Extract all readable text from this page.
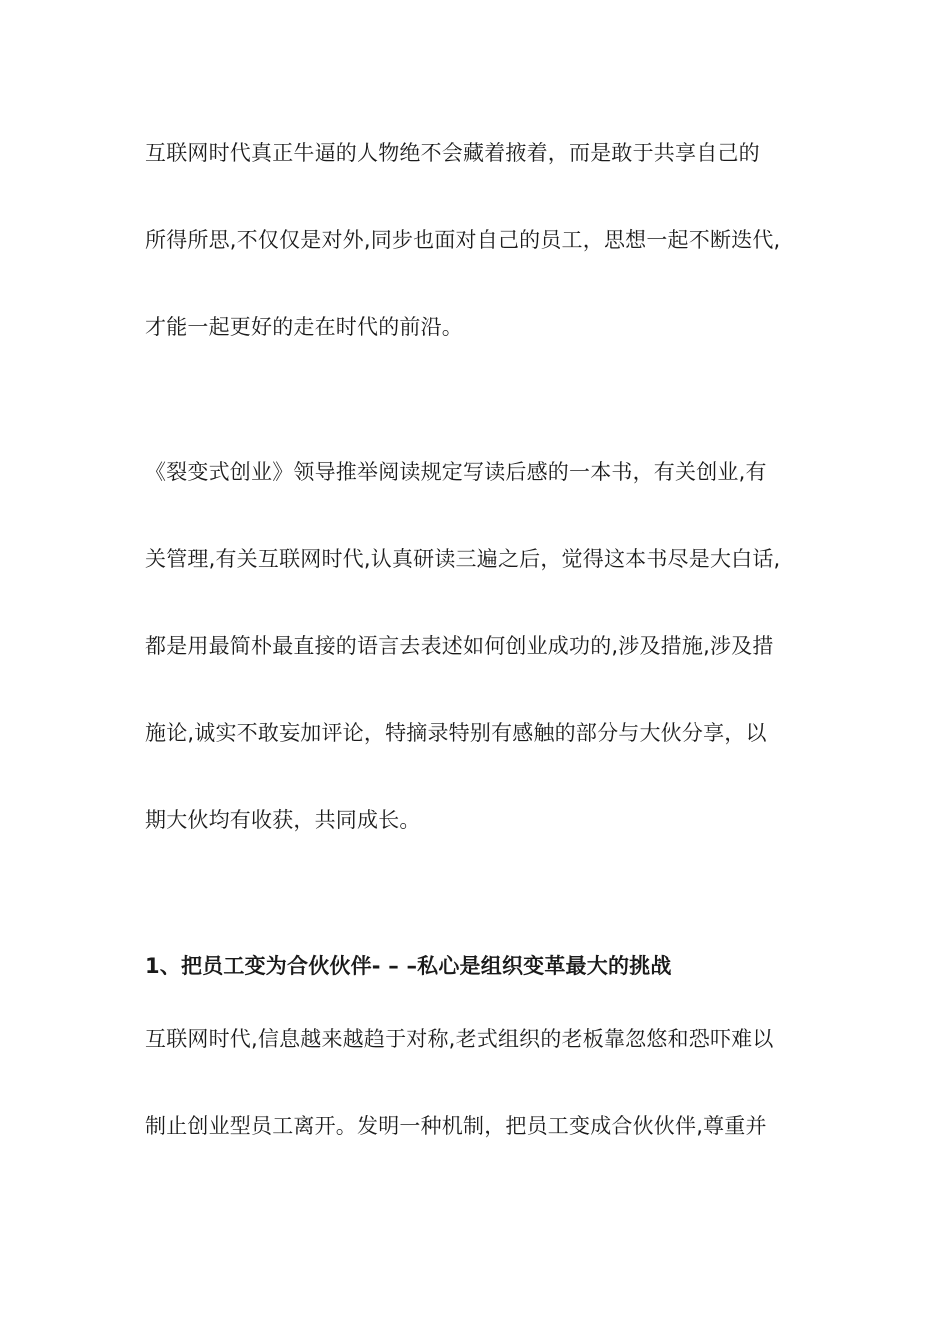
互联网时代真正牛逼的人物绝不会藏着掖着，而是敢于共享自己的
所得所思,不仅仅是对外,同步也面对自己的员工，思想一起不断迭代,
才能一起更好的走在时代的前沿。
《裂变式创业》领导推举阅读规定写读后感的一本书，有关创业,有
关管理,有关互联网时代,认真研读三遍之后，觉得这本书尽是大白话,
都是用最简朴最直接的语言去表述如何创业成功的,涉及措施,涉及措
施论,诚实不敢妄加评论，特摘录特别有感触的部分与大伙分享，以
期大伙均有收获，共同成长。
1、把员工变为合伙伙伴- – –私心是组织变革最大的挑战
互联网时代,信息越来越趋于对称,老式组织的老板靠忽悠和恐吓难以
制止创业型员工离开。发明一种机制，把员工变成合伙伙伴,尊重并
